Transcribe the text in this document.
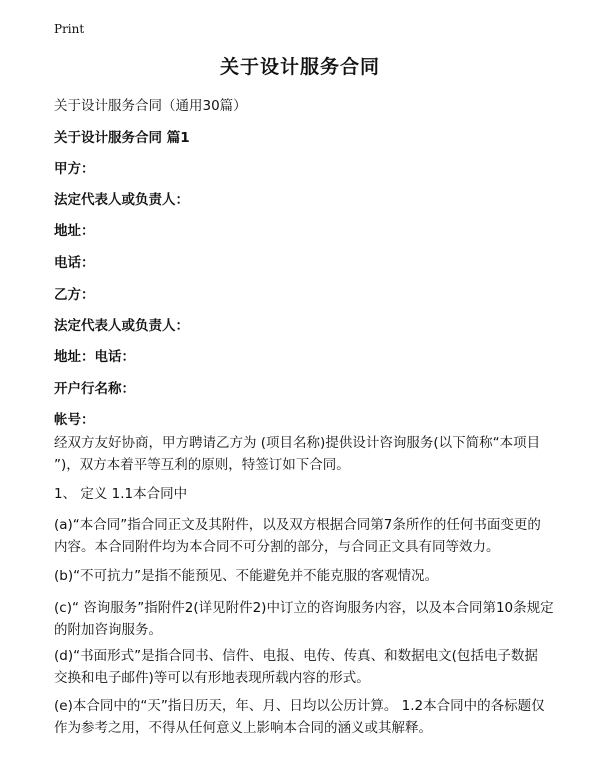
Print
关于设计服务合同
关于设计服务合同（通用30篇）
关于设计服务合同 篇1
甲方：
法定代表人或负责人：
地址：
电话：
乙方：
法定代表人或负责人：
地址：电话：
开户行名称：
帐号：
经双方友好协商，甲方聘请乙方为 (项目名称)提供设计咨询服务(以下简称“本项目
”)，双方本着平等互利的原则，特签订如下合同。
1、 定义 1.1本合同中
(a)“本合同”指合同正文及其附件，以及双方根据合同第7条所作的任何书面变更的
内容。本合同附件均为本合同不可分割的部分，与合同正文具有同等效力。
(b)“不可抗力”是指不能预见、不能避免并不能克服的客观情况。
(c)“ 咨询服务”指附件2(详见附件2)中订立的咨询服务内容，以及本合同第10条规定
的附加咨询服务。
(d)“书面形式”是指合同书、信件、电报、电传、传真、和数据电文(包括电子数据
交换和电子邮件)等可以有形地表现所载内容的形式。
(e)本合同中的“天”指日历天，年、月、日均以公历计算。 1.2本合同中的各标题仅
作为参考之用，不得从任何意义上影响本合同的涵义或其解释。
